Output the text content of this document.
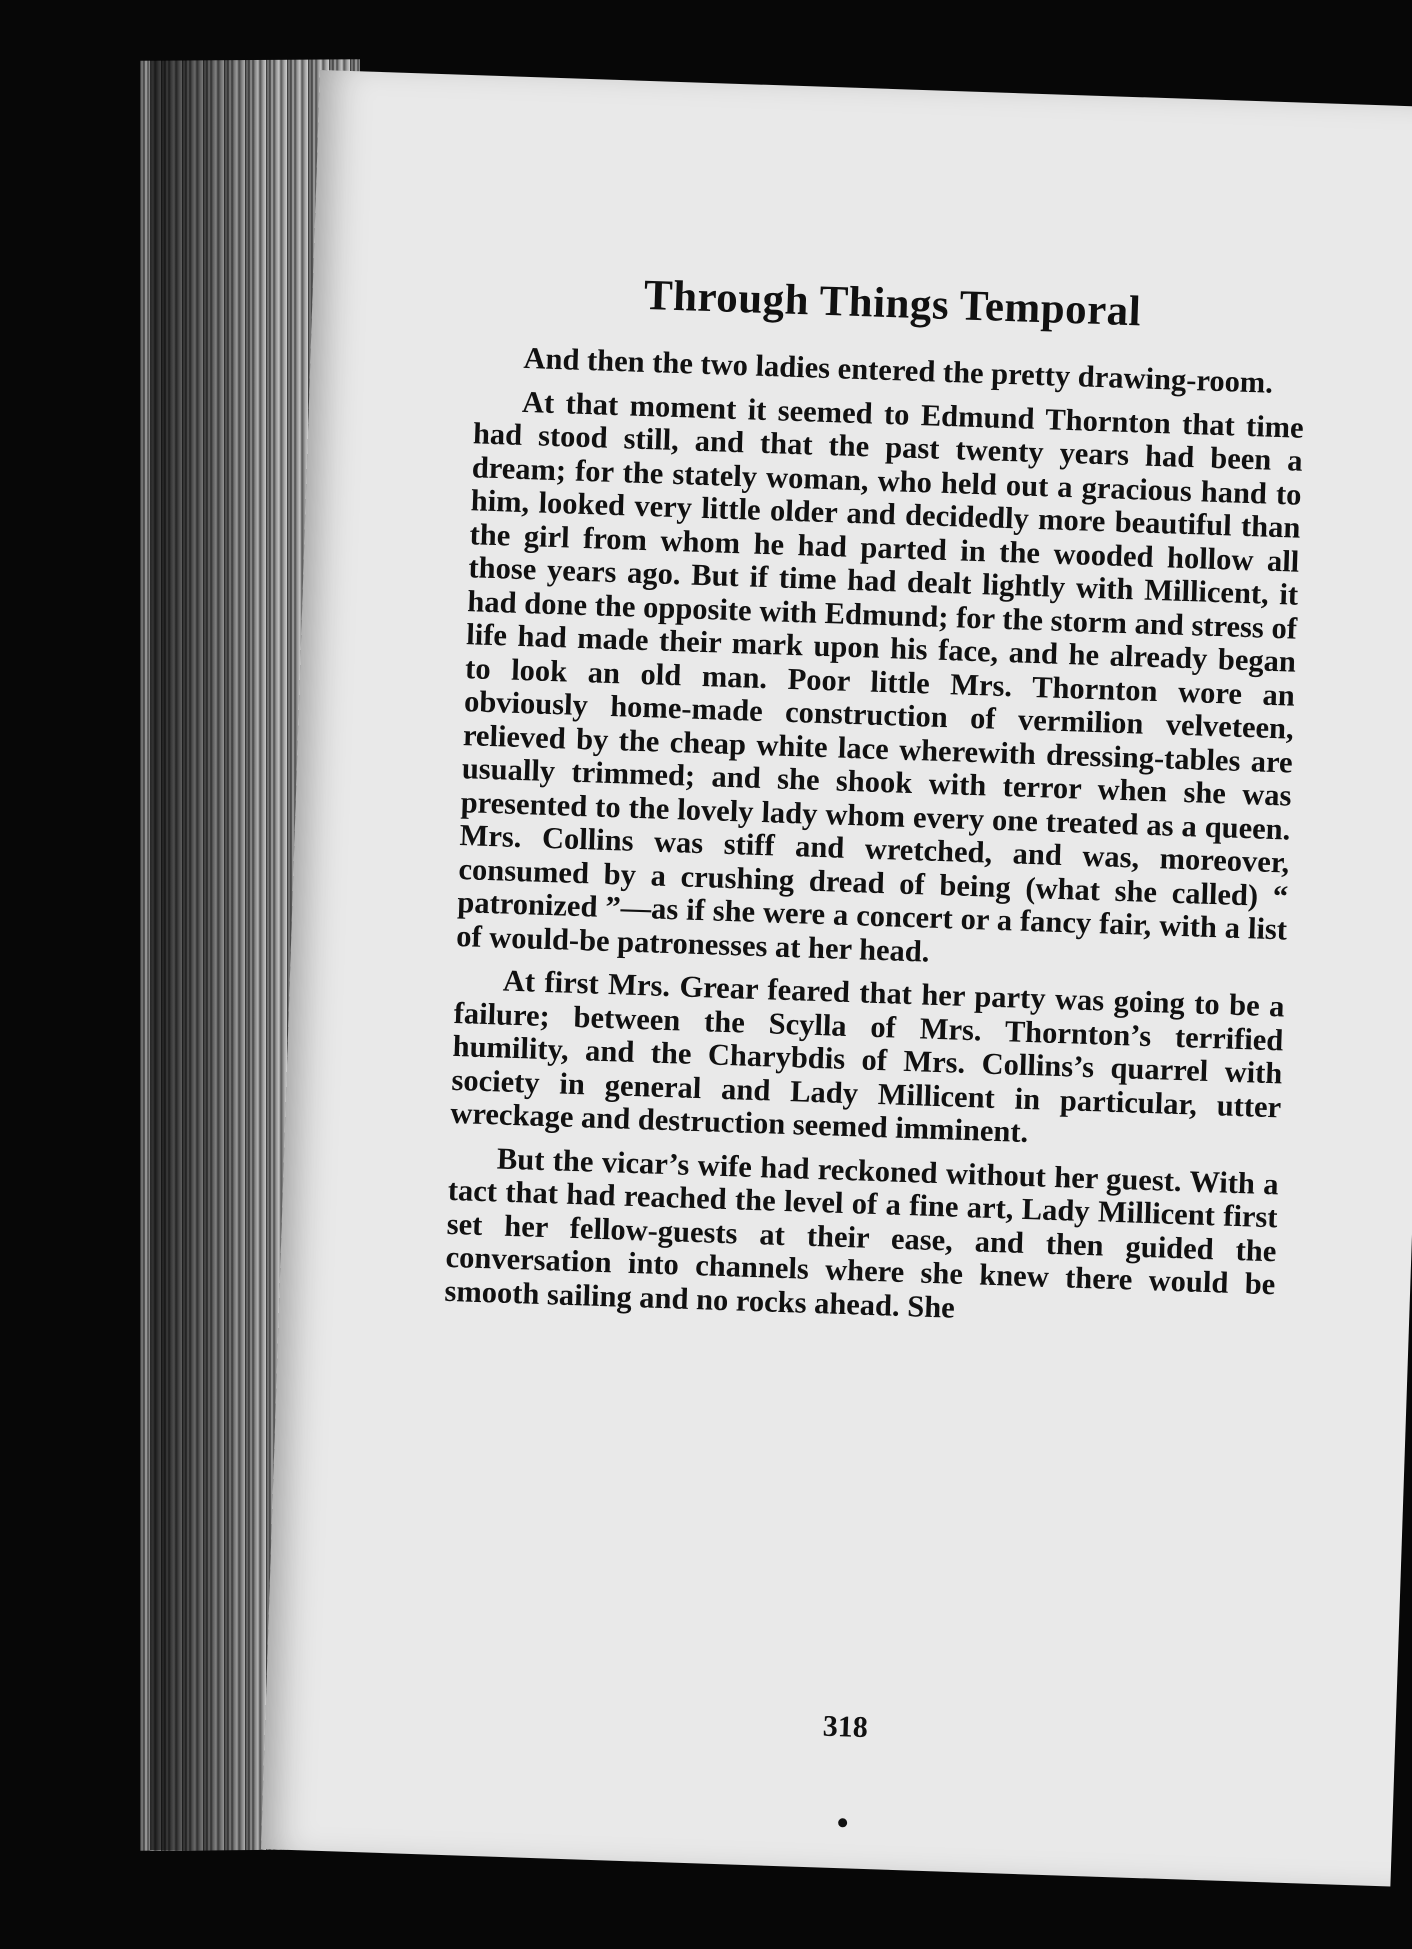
Through Things Temporal

And then the two ladies entered the pretty drawing-room.

At that moment it seemed to Edmund Thornton that time had stood still, and that the past twenty years had been a dream; for the stately woman, who held out a gracious hand to him, looked very little older and decidedly more beautiful than the girl from whom he had parted in the wooded hollow all those years ago. But if time had dealt lightly with Millicent, it had done the opposite with Edmund; for the storm and stress of life had made their mark upon his face, and he already began to look an old man. Poor little Mrs. Thornton wore an obviously home-made construction of vermilion velveteen, relieved by the cheap white lace wherewith dressing-tables are usually trimmed; and she shook with terror when she was presented to the lovely lady whom every one treated as a queen. Mrs. Collins was stiff and wretched, and was, moreover, consumed by a crushing dread of being (what she called) “ patronized ”—as if she were a concert or a fancy fair, with a list of would-be patronesses at her head.

At first Mrs. Grear feared that her party was going to be a failure; between the Scylla of Mrs. Thornton’s terrified humility, and the Charybdis of Mrs. Collins’s quarrel with society in general and Lady Millicent in particular, utter wreckage and destruction seemed imminent.

But the vicar’s wife had reckoned without her guest. With a tact that had reached the level of a fine art, Lady Millicent first set her fellow-guests at their ease, and then guided the conversation into channels where she knew there would be smooth sailing and no rocks ahead. She

318
